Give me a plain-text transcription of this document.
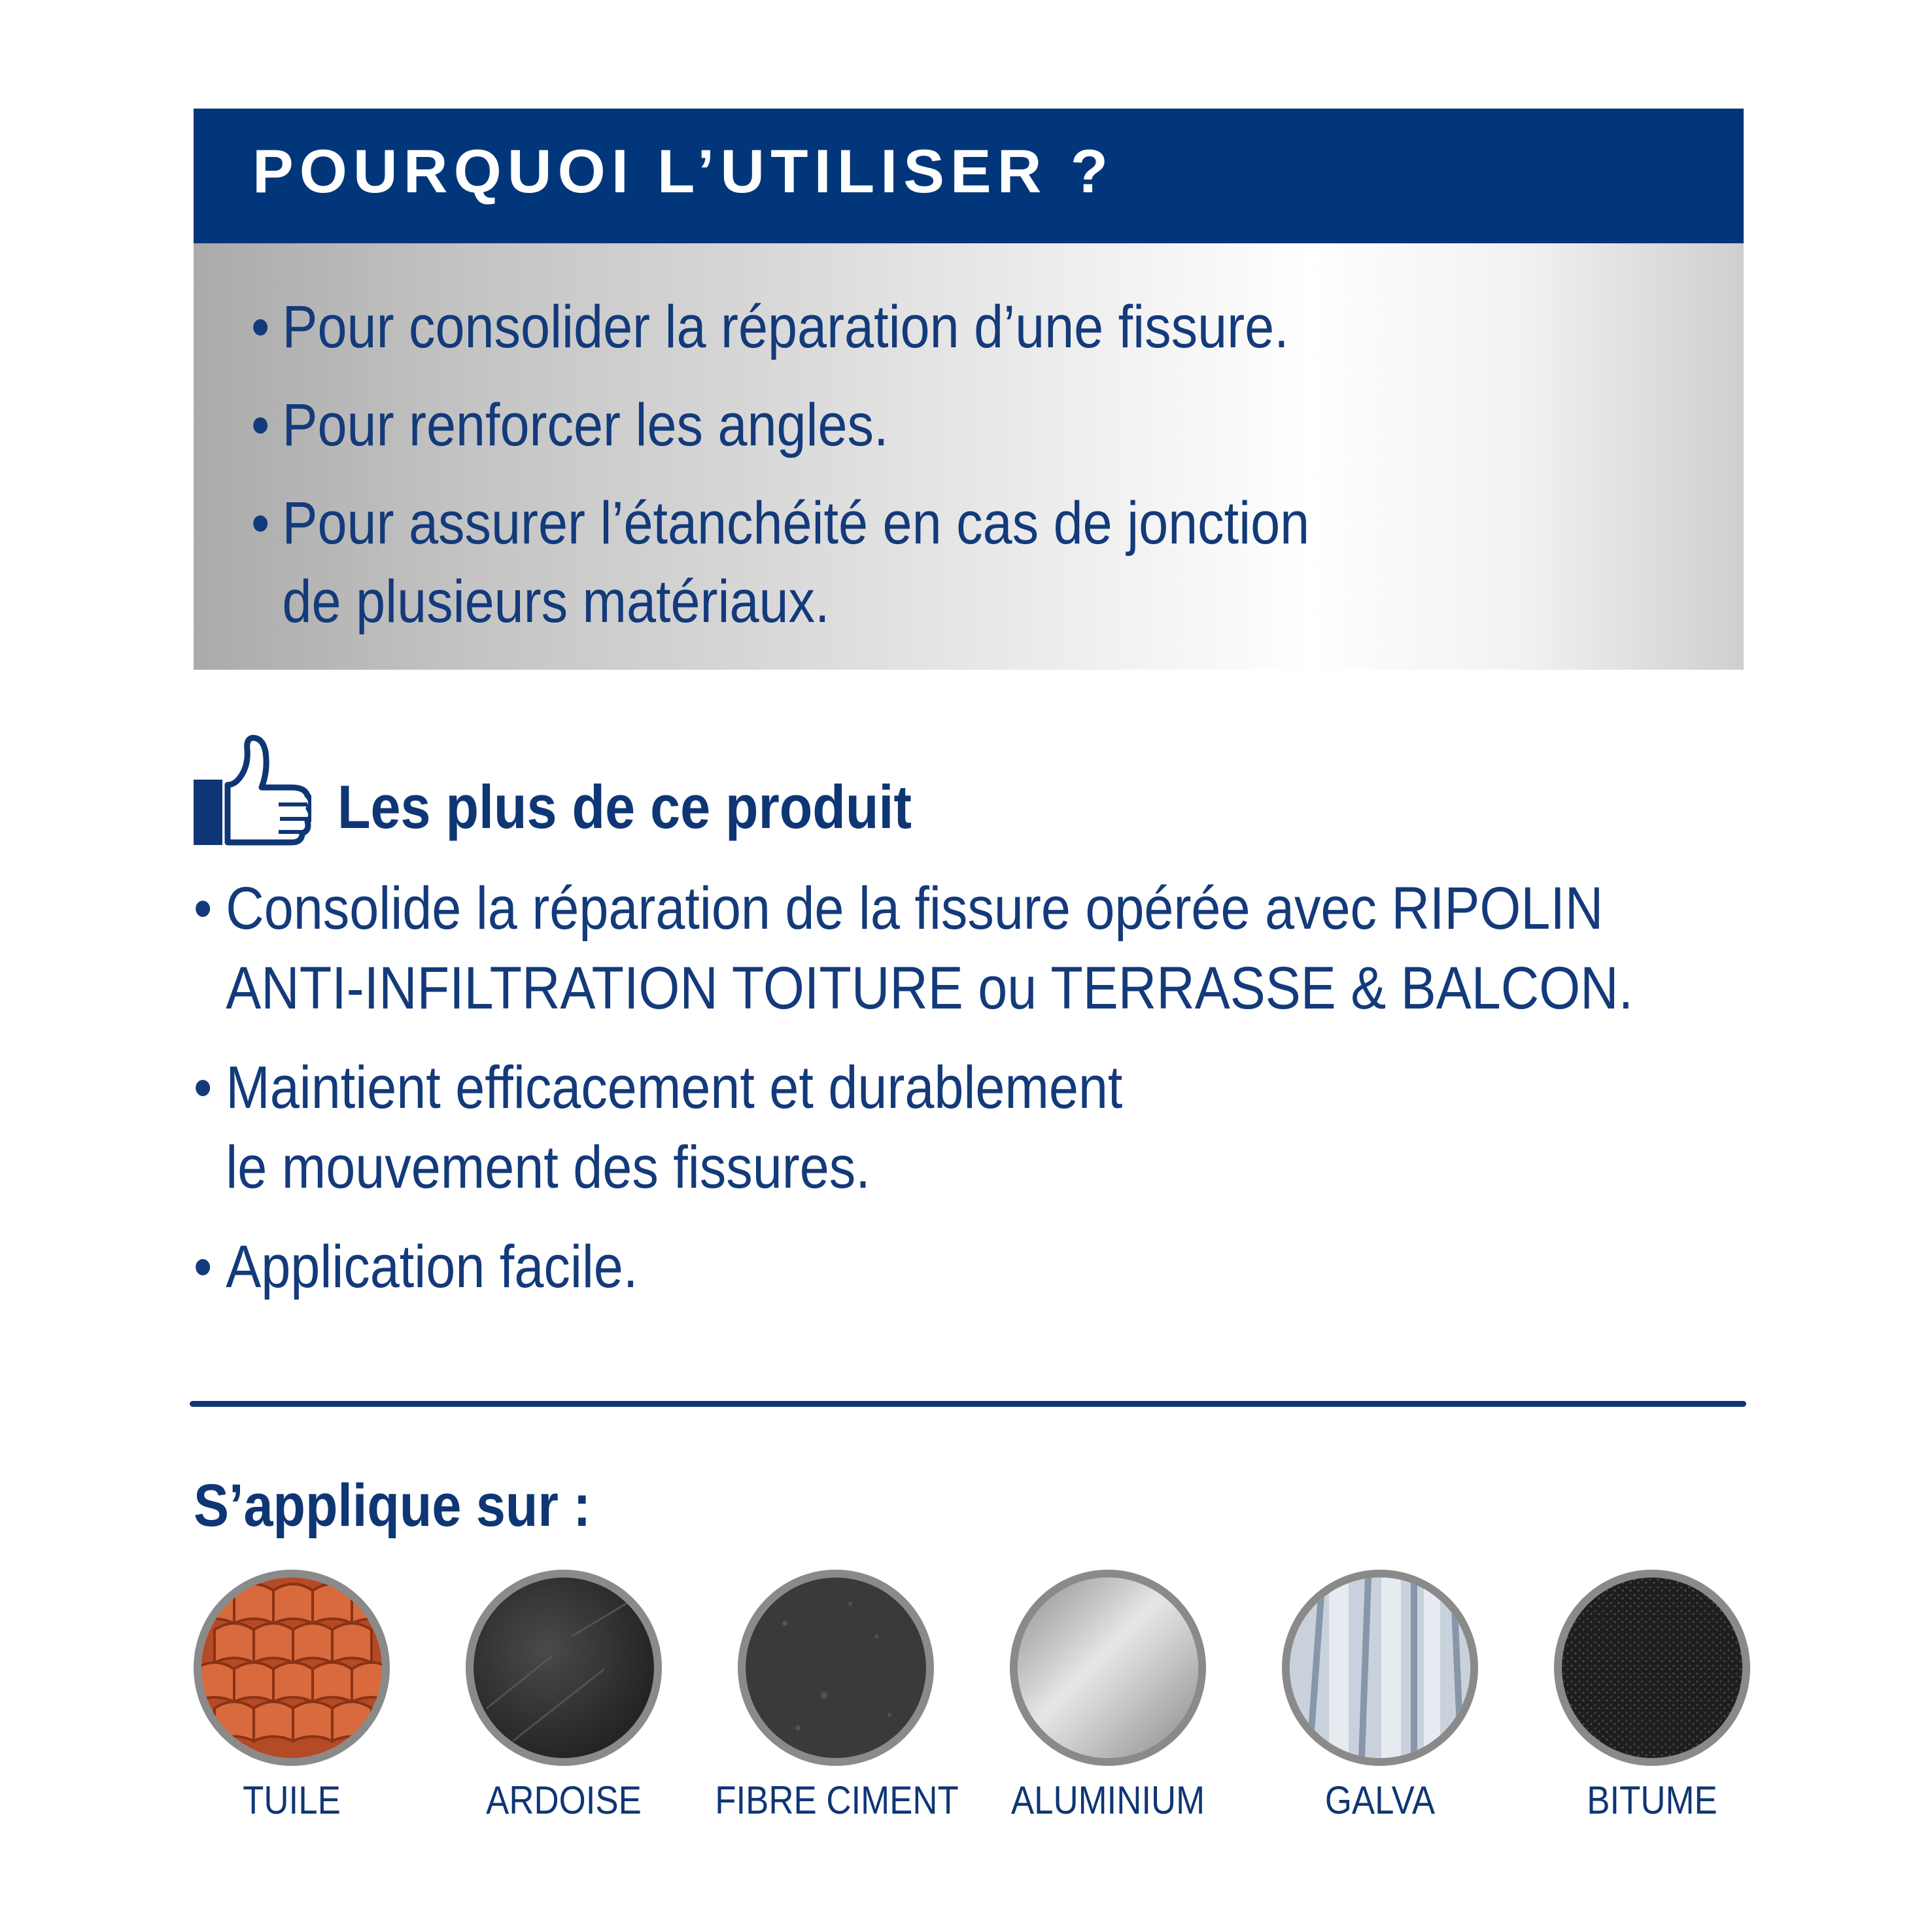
POURQUOI L’UTILISER ?
• Pour consolider la réparation d’une fissure.
• Pour renforcer les angles.
• Pour assurer l’étanchéité en cas de jonction
de plusieurs matériaux.
Les plus de ce produit
• Consolide la réparation de la fissure opérée avec RIPOLIN
ANTI-INFILTRATION TOITURE ou TERRASSE & BALCON.
• Maintient efficacement et durablement
le mouvement des fissures.
• Application facile.
S’applique sur :
TUILE	ARDOISE	FIBRE CIMENT	ALUMINIUM	GALVA	BITUME
